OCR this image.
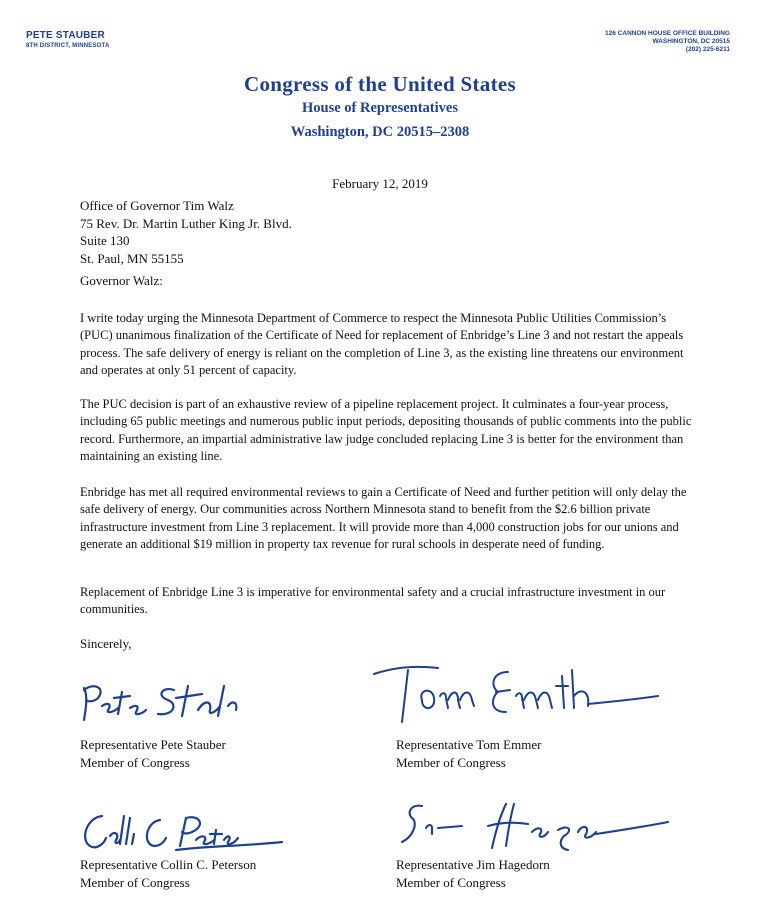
PETE STAUBER
8TH DISTRICT, MINNESOTA
126 CANNON HOUSE OFFICE BUILDING
WASHINGTON, DC 20515
(202) 225-6211
Congress of the United States
House of Representatives
Washington, DC 20515–2308
February 12, 2019
Office of Governor Tim Walz
75 Rev. Dr. Martin Luther King Jr. Blvd.
Suite 130
St. Paul, MN 55155
Governor Walz:
I write today urging the Minnesota Department of Commerce to respect the Minnesota Public Utilities Commission’s (PUC) unanimous finalization of the Certificate of Need for replacement of Enbridge’s Line 3 and not restart the appeals process. The safe delivery of energy is reliant on the completion of Line 3, as the existing line threatens our environment and operates at only 51 percent of capacity.
The PUC decision is part of an exhaustive review of a pipeline replacement project. It culminates a four-year process, including 65 public meetings and numerous public input periods, depositing thousands of public comments into the public record. Furthermore, an impartial administrative law judge concluded replacing Line 3 is better for the environment than maintaining an existing line.
Enbridge has met all required environmental reviews to gain a Certificate of Need and further petition will only delay the safe delivery of energy. Our communities across Northern Minnesota stand to benefit from the $2.6 billion private infrastructure investment from Line 3 replacement. It will provide more than 4,000 construction jobs for our unions and generate an additional $19 million in property tax revenue for rural schools in desperate need of funding.
Replacement of Enbridge Line 3 is imperative for environmental safety and a crucial infrastructure investment in our communities.
Sincerely,
Representative Pete Stauber
Member of Congress
Representative Tom Emmer
Member of Congress
Representative Collin C. Peterson
Member of Congress
Representative Jim Hagedorn
Member of Congress
